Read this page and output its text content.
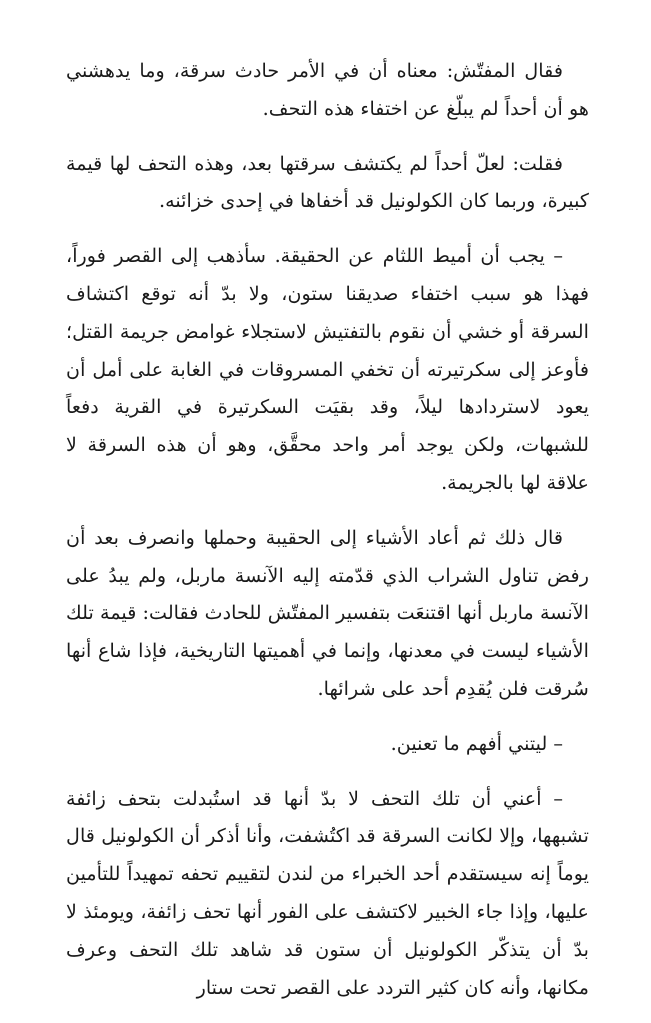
فقال المفتّش: معناه أن في الأمر حادث سرقة، وما يدهشني هو أن أحداً لم يبلّغ عن اختفاء هذه التحف.

فقلت: لعلّ أحداً لم يكتشف سرقتها بعد، وهذه التحف لها قيمة كبيرة، وربما كان الكولونيل قد أخفاها في إحدى خزائنه.

– يجب أن أميط اللثام عن الحقيقة. سأذهب إلى القصر فوراً، فهذا هو سبب اختفاء صديقنا ستون، ولا بدّ أنه توقع اكتشاف السرقة أو خشي أن نقوم بالتفتيش لاستجلاء غوامض جريمة القتل؛ فأوعز إلى سكرتيرته أن تخفي المسروقات في الغابة على أمل أن يعود لاستردادها ليلاً، وقد بقيَت السكرتيرة في القرية دفعاً للشبهات، ولكن يوجد أمر واحد محقَّق، وهو أن هذه السرقة لا علاقة لها بالجريمة.

قال ذلك ثم أعاد الأشياء إلى الحقيبة وحملها وانصرف بعد أن رفض تناول الشراب الذي قدّمته إليه الآنسة ماربل، ولم يبدُ على الآنسة ماربل أنها اقتنعَت بتفسير المفتّش للحادث فقالت: قيمة تلك الأشياء ليست في معدنها، وإنما في أهميتها التاريخية، فإذا شاع أنها سُرقت فلن يُقدِم أحد على شرائها.

– ليتني أفهم ما تعنين.

– أعني أن تلك التحف لا بدّ أنها قد استُبدلت بتحف زائفة تشبهها، وإلا لكانت السرقة قد اكتُشفت، وأنا أذكر أن الكولونيل قال يوماً إنه سيستقدم أحد الخبراء من لندن لتقييم تحفه تمهيداً للتأمين عليها، وإذا جاء الخبير لاكتشف على الفور أنها تحف زائفة، ويومئذ لا بدّ أن يتذكّر الكولونيل أن ستون قد شاهد تلك التحف وعرف مكانها، وأنه كان كثير التردد على القصر تحت ستار
